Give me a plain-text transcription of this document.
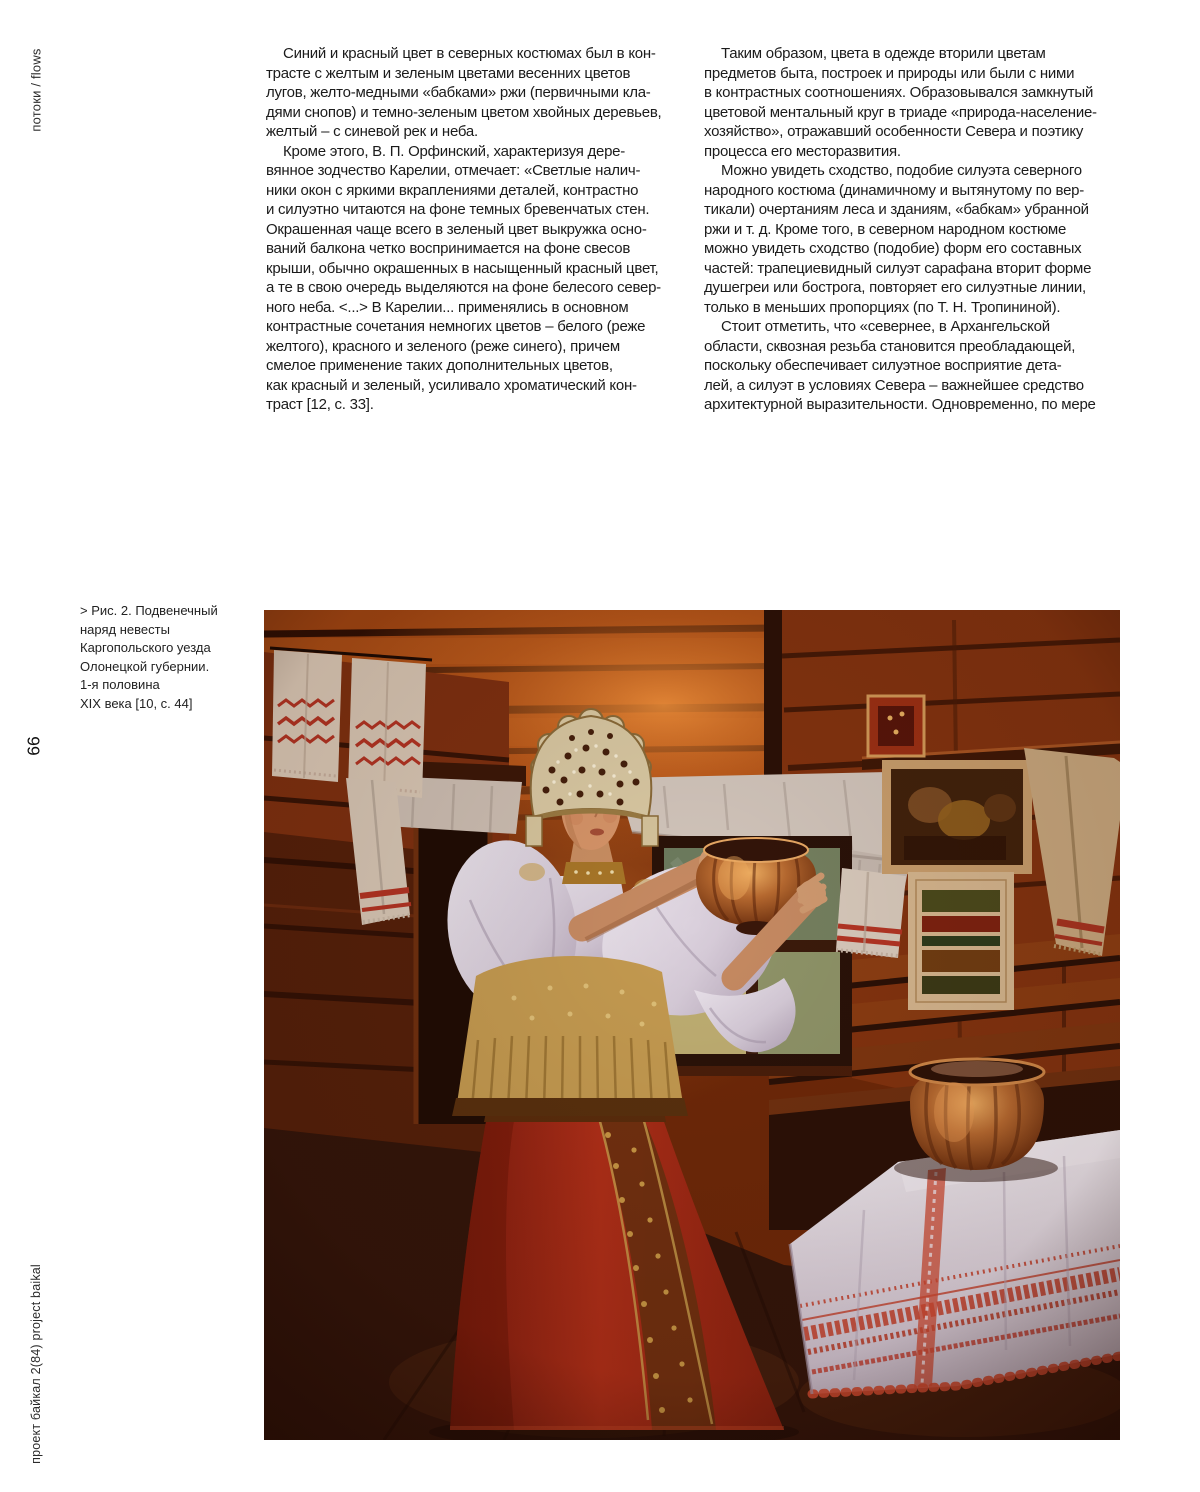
потоки / flows
66
проект байкал 2(84) project baikal

Синий и красный цвет в северных костюмах был в кон-
трасте с желтым и зеленым цветами весенних цветов
лугов, желто-медными «бабками» ржи (первичными кла-
дями снопов) и темно-зеленым цветом хвойных деревьев,
желтый – с синевой рек и неба.

Кроме этого, В. П. Орфинский, характеризуя дере-
вянное зодчество Карелии, отмечает: «Светлые налич-
ники окон с яркими вкраплениями деталей, контрастно
и силуэтно читаются на фоне темных бревенчатых стен.
Окрашенная чаще всего в зеленый цвет выкружка осно-
ваний балкона четко воспринимается на фоне свесов
крыши, обычно окрашенных в насыщенный красный цвет,
а те в свою очередь выделяются на фоне белесого север-
ного неба. <...> В Карелии... применялись в основном
контрастные сочетания немногих цветов – белого (реже
желтого), красного и зеленого (реже синего), причем
смелое применение таких дополнительных цветов,
как красный и зеленый, усиливало хроматический кон-
траст [12, с. 33].

Таким образом, цвета в одежде вторили цветам
предметов быта, построек и природы или были с ними
в контрастных соотношениях. Образовывался замкнутый
цветовой ментальный круг в триаде «природа-население-
хозяйство», отражавший особенности Севера и поэтику
процесса его месторазвития.

Можно увидеть сходство, подобие силуэта северного
народного костюма (динамичному и вытянутому по вер-
тикали) очертаниям леса и зданиям, «бабкам» убранной
ржи и т. д. Кроме того, в северном народном костюме
можно увидеть сходство (подобие) форм его составных
частей: трапециевидный силуэт сарафана вторит форме
душегреи или бострога, повторяет его силуэтные линии,
только в меньших пропорциях (по Т. Н. Тропининой).

Стоит отметить, что «севернее, в Архангельской
области, сквозная резьба становится преобладающей,
поскольку обеспечивает силуэтное восприятие дета-
лей, а силуэт в условиях Севера – важнейшее средство
архитектурной выразительности. Одновременно, по мере

> Рис. 2. Подвенечный
наряд невесты
Каргопольского уезда
Олонецкой губернии.
1-я половина
XIX века [10, с. 44]
